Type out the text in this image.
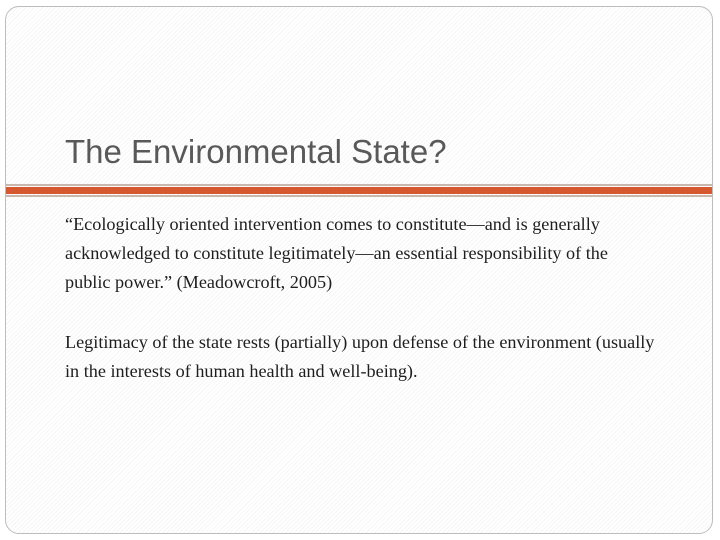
The Environmental State?

“Ecologically oriented intervention comes to constitute—and is generally acknowledged to constitute legitimately—an essential responsibility of the public power.” (Meadowcroft, 2005)

Legitimacy of the state rests (partially) upon defense of the environment (usually in the interests of human health and well-being).
